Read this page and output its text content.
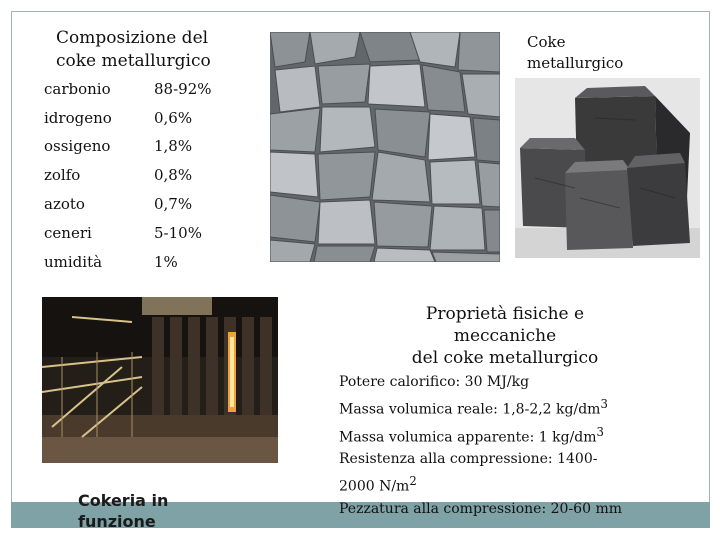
Composizione del
coke metallurgico
carbonio	88-92%
idrogeno	0,6%
ossigeno	1,8%
zolfo	0,8%
azoto	0,7%
ceneri	5-10%
umidità	1%
Coke
metallurgico
Cokeria in
funzione
Proprietà fisiche e
meccaniche
del coke metallurgico
Potere calorifico: 30 MJ/kg
Massa volumica reale: 1,8-2,2 $kg/dm^3$
Massa volumica apparente: 1 $kg/dm^3$
Resistenza alla compressione: 1400-
2000 $N/m^2$
Pezzatura alla compressione: 20-60 mm
